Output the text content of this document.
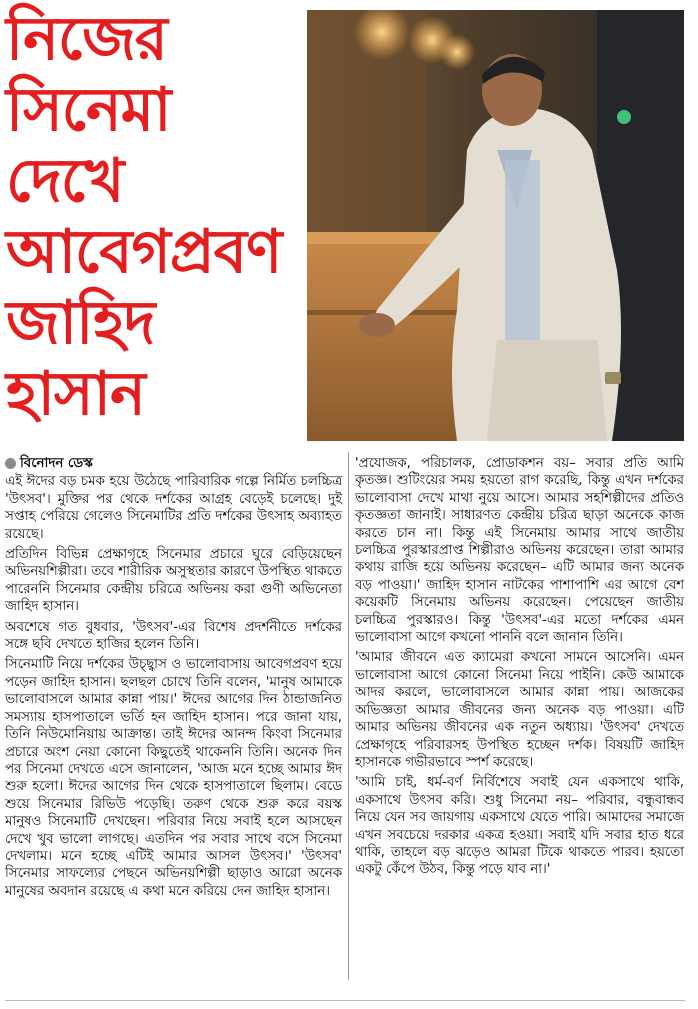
নিজের
সিনেমা
দেখে
আবেগপ্রবণ
জাহিদ
হাসান
বিনোদন ডেস্ক

এই ঈদের বড় চমক হয়ে উঠেছে পারিবারিক গল্পে নির্মিত চলচ্চিত্র 'উৎসব'। মুক্তির পর থেকে দর্শকের আগ্রহ বেড়েই চলেছে। দুই সপ্তাহ পেরিয়ে গেলেও সিনেমাটির প্রতি দর্শকের উৎসাহ অব্যাহত রয়েছে।

প্রতিদিন বিভিন্ন প্রেক্ষাগৃহে সিনেমার প্রচারে ঘুরে বেড়িয়েছেন অভিনয়শিল্পীরা। তবে শারীরিক অসুস্থতার কারণে উপস্থিত থাকতে পারেননি সিনেমার কেন্দ্রীয় চরিত্রে অভিনয় করা গুণী অভিনেতা জাহিদ হাসান।

অবশেষে গত বুধবার, 'উৎসব'-এর বিশেষ প্রদর্শনীতে দর্শকের সঙ্গে ছবি দেখতে হাজির হলেন তিনি।

সিনেমাটি নিয়ে দর্শকের উচ্ছ্বাস ও ভালোবাসায় আবেগপ্রবণ হয়ে পড়েন জাহিদ হাসান। ছলছল চোখে তিনি বলেন, 'মানুষ আমাকে ভালোবাসলে আমার কান্না পায়।' ঈদের আগের দিন ঠান্ডাজনিত সমস্যায় হাসপাতালে ভর্তি হন জাহিদ হাসান। পরে জানা যায়, তিনি নিউমোনিয়ায় আক্রান্ত। তাই ঈদের আনন্দ কিংবা সিনেমার প্রচারে অংশ নেয়া কোনো কিছুতেই থাকেননি তিনি। অনেক দিন পর সিনেমা দেখতে এসে জানালেন, 'আজ মনে হচ্ছে আমার ঈদ শুরু হলো। ঈদের আগের দিন থেকে হাসপাতালে ছিলাম। বেডে শুয়ে সিনেমার রিভিউ পড়েছি। তরুণ থেকে শুরু করে বয়স্ক মানুষও সিনেমাটি দেখছেন। পরিবার নিয়ে সবাই হলে আসছেন দেখে খুব ভালো লাগছে। এতদিন পর সবার সাথে বসে সিনেমা দেখলাম। মনে হচ্ছে এটিই আমার আসল উৎসব।' 'উৎসব' সিনেমার সাফল্যের পেছনে অভিনয়শিল্পী ছাড়াও আরো অনেক মানুষের অবদান রয়েছে এ কথা মনে করিয়ে দেন জাহিদ হাসান।

'প্রযোজক, পরিচালক, প্রোডাকশন বয়– সবার প্রতি আমি কৃতজ্ঞ। শুটিংয়ের সময় হয়তো রাগ করেছি, কিন্তু এখন দর্শকের ভালোবাসা দেখে মাথা নুয়ে আসে। আমার সহশিল্পীদের প্রতিও কৃতজ্ঞতা জানাই। সাধারণত কেন্দ্রীয় চরিত্র ছাড়া অনেকে কাজ করতে চান না। কিন্তু এই সিনেমায় আমার সাথে জাতীয় চলচ্চিত্র পুরস্কারপ্রাপ্ত শিল্পীরাও অভিনয় করেছেন। তারা আমার কথায় রাজি হয়ে অভিনয় করেছেন– এটি আমার জন্য অনেক বড় পাওয়া।' জাহিদ হাসান নাটকের পাশাপাশি এর আগে বেশ কয়েকটি সিনেমায় অভিনয় করেছেন। পেয়েছেন জাতীয় চলচ্চিত্র পুরস্কারও। কিন্তু 'উৎসব'-এর মতো দর্শকের এমন ভালোবাসা আগে কখনো পাননি বলে জানান তিনি।

'আমার জীবনে এত ক্যামেরা কখনো সামনে আসেনি। এমন ভালোবাসা আগে কোনো সিনেমা নিয়ে পাইনি। কেউ আমাকে আদর করলে, ভালোবাসলে আমার কান্না পায়। আজকের অভিজ্ঞতা আমার জীবনের জন্য অনেক বড় পাওয়া। এটি আমার অভিনয় জীবনের এক নতুন অধ্যায়। 'উৎসব' দেখতে প্রেক্ষাগৃহে পরিবারসহ উপস্থিত হচ্ছেন দর্শক। বিষয়টি জাহিদ হাসানকে গভীরভাবে স্পর্শ করেছে।

'আমি চাই, ধর্ম-বর্ণ নির্বিশেষে সবাই যেন একসাথে থাকি, একসাথে উৎসব করি। শুধু সিনেমা নয়– পরিবার, বন্ধুবান্ধব নিয়ে যেন সব জায়গায় একসাথে যেতে পারি। আমাদের সমাজে এখন সবচেয়ে দরকার একত্র হওয়া। সবাই যদি সবার হাত ধরে থাকি, তাহলে বড় ঝড়েও আমরা টিকে থাকতে পারব। হয়তো একটু কেঁপে উঠব, কিন্তু পড়ে যাব না।'
